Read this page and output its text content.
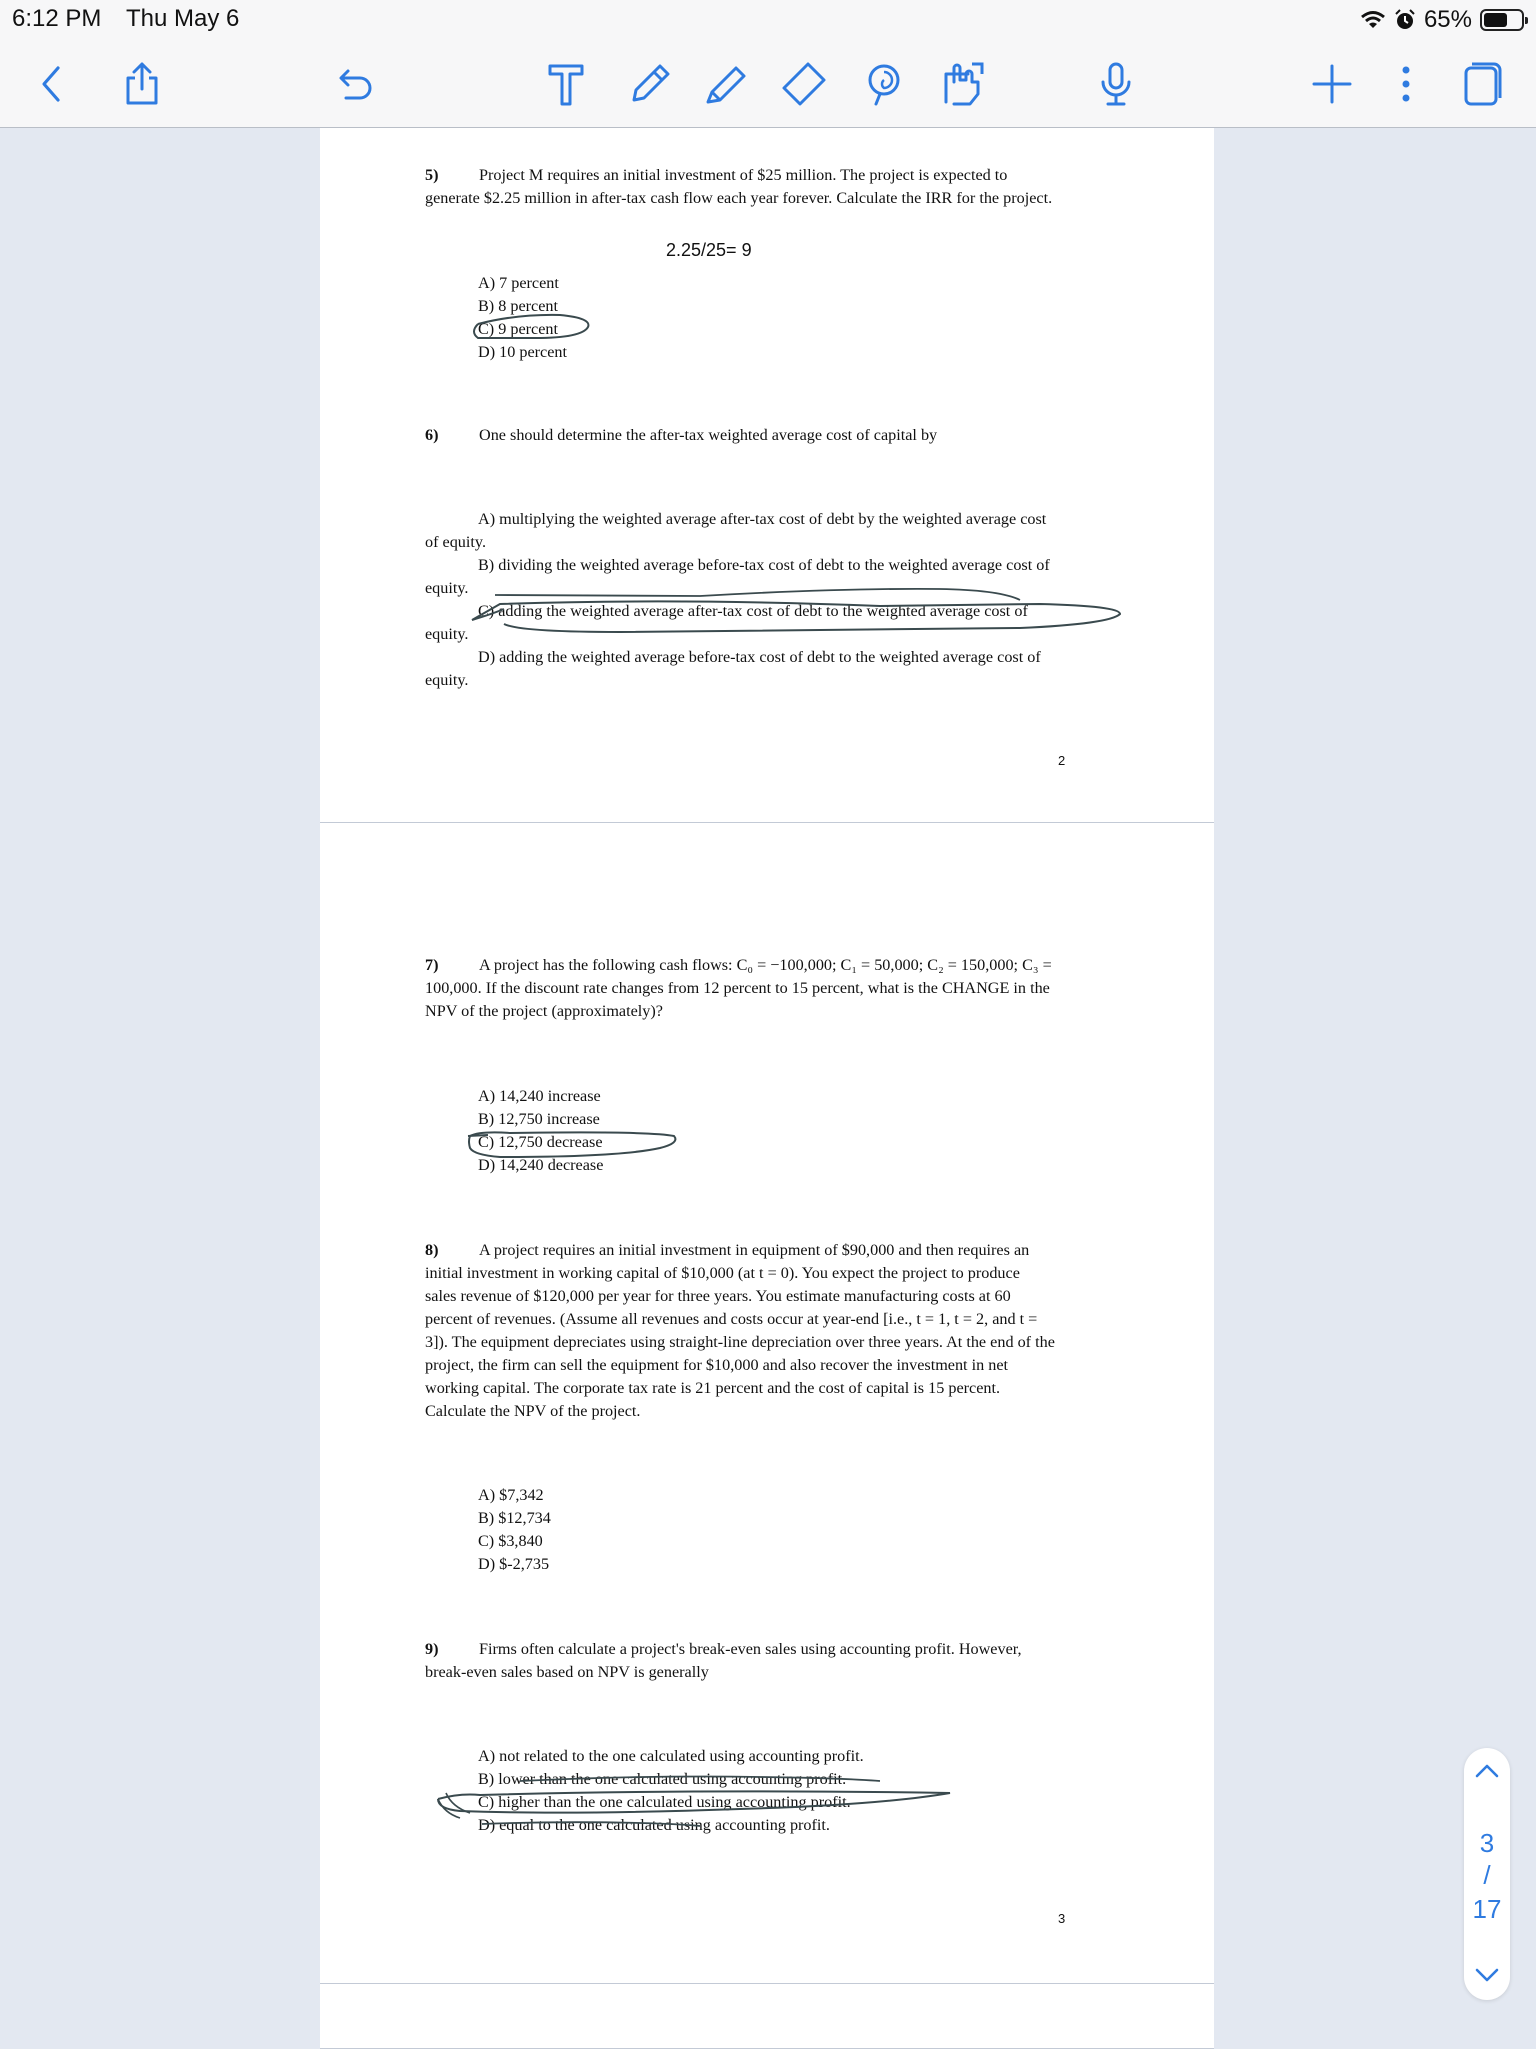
6:12 PM Thu May 6	65%
5)	Project M requires an initial investment of $25 million. The project is expected to
generate $2.25 million in after-tax cash flow each year forever. Calculate the IRR for the project.
2.25/25= 9
A) 7 percent
B) 8 percent
C) 9 percent
D) 10 percent
6)	One should determine the after-tax weighted average cost of capital by
A) multiplying the weighted average after-tax cost of debt by the weighted average cost
of equity.
B) dividing the weighted average before-tax cost of debt to the weighted average cost of
equity.
C) adding the weighted average after-tax cost of debt to the weighted average cost of
equity.
D) adding the weighted average before-tax cost of debt to the weighted average cost of
equity.
2
7)	A project has the following cash flows: C₀ = −100,000; C₁ = 50,000; C₂ = 150,000; C₃ =
100,000. If the discount rate changes from 12 percent to 15 percent, what is the CHANGE in the
NPV of the project (approximately)?
A) 14,240 increase
B) 12,750 increase
C) 12,750 decrease
D) 14,240 decrease
8)	A project requires an initial investment in equipment of $90,000 and then requires an
initial investment in working capital of $10,000 (at t = 0). You expect the project to produce
sales revenue of $120,000 per year for three years. You estimate manufacturing costs at 60
percent of revenues. (Assume all revenues and costs occur at year-end [i.e., t = 1, t = 2, and t =
3]). The equipment depreciates using straight-line depreciation over three years. At the end of the
project, the firm can sell the equipment for $10,000 and also recover the investment in net
working capital. The corporate tax rate is 21 percent and the cost of capital is 15 percent.
Calculate the NPV of the project.
A) $7,342
B) $12,734
C) $3,840
D) $-2,735
9)	Firms often calculate a project's break-even sales using accounting profit. However,
break-even sales based on NPV is generally
A) not related to the one calculated using accounting profit.
B) lower than the one calculated using accounting profit.
C) higher than the one calculated using accounting profit.
D) equal to the one calculated using accounting profit.
3
3
/
17
